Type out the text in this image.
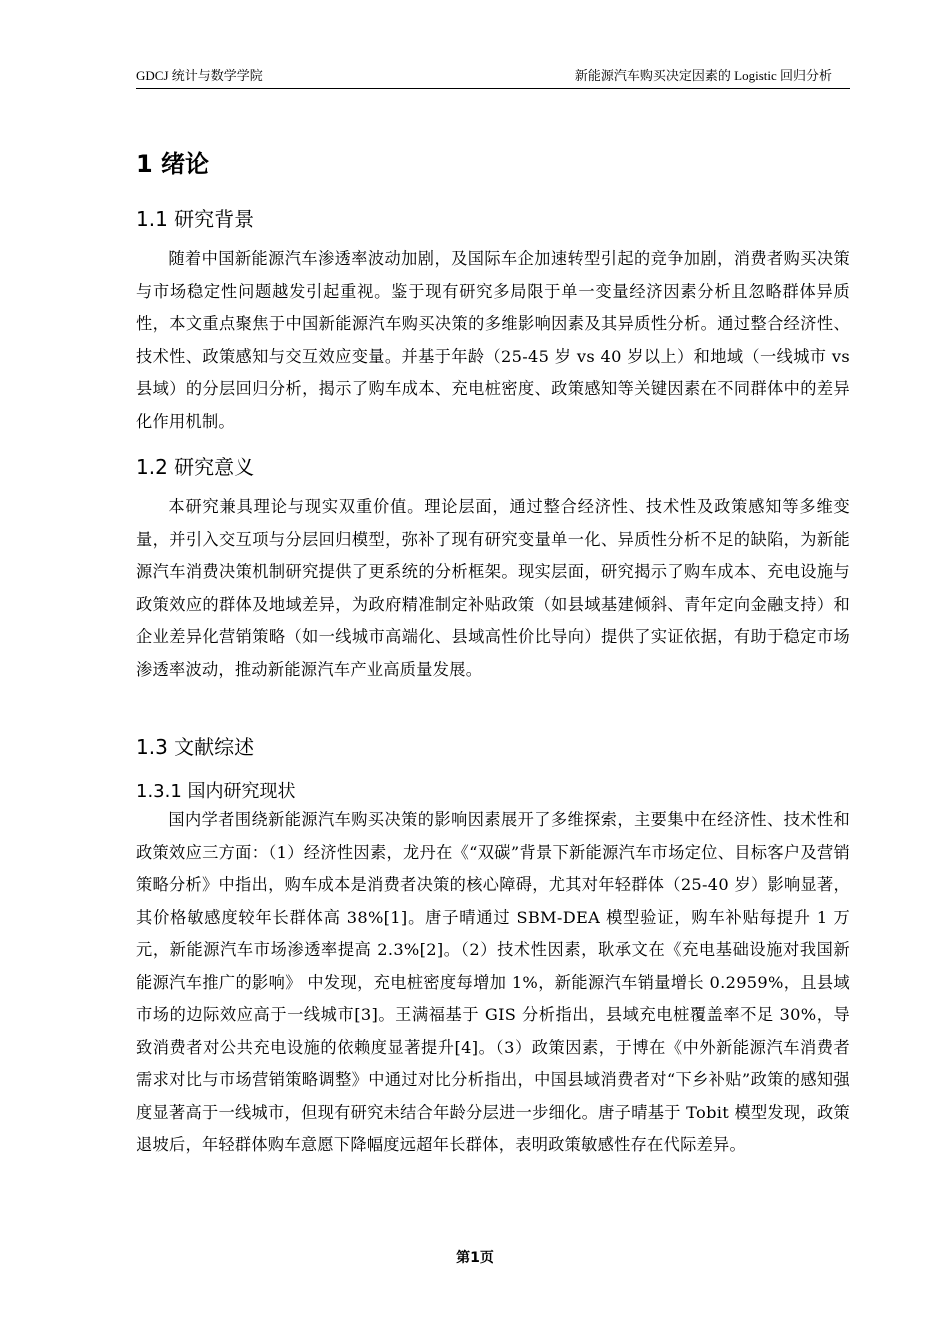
GDCJ 统计与数学学院	新能源汽车购买决定因素的 Logistic 回归分析
1 绪论
1.1 研究背景

随着中国新能源汽车渗透率波动加剧，及国际车企加速转型引起的竞争加剧，消费者购买决策与市场稳定性问题越发引起重视。鉴于现有研究多局限于单一变量经济因素分析且忽略群体异质性，本文重点聚焦于中国新能源汽车购买决策的多维影响因素及其异质性分析。通过整合经济性、技术性、政策感知与交互效应变量。并基于年龄（25-45 岁 vs 40 岁以上）和地域（一线城市 vs 县域）的分层回归分析，揭示了购车成本、充电桩密度、政策感知等关键因素在不同群体中的差异化作用机制。

1.2 研究意义

本研究兼具理论与现实双重价值。理论层面，通过整合经济性、技术性及政策感知等多维变量，并引入交互项与分层回归模型，弥补了现有研究变量单一化、异质性分析不足的缺陷，为新能源汽车消费决策机制研究提供了更系统的分析框架。现实层面，研究揭示了购车成本、充电设施与政策效应的群体及地域差异，为政府精准制定补贴政策（如县域基建倾斜、青年定向金融支持）和企业差异化营销策略（如一线城市高端化、县域高性价比导向）提供了实证依据，有助于稳定市场渗透率波动，推动新能源汽车产业高质量发展。

1.3 文献综述
1.3.1 国内研究现状

国内学者围绕新能源汽车购买决策的影响因素展开了多维探索，主要集中在经济性、技术性和政策效应三方面：（1）经济性因素，龙丹在《“双碳”背景下新能源汽车市场定位、目标客户及营销策略分析》中指出，购车成本是消费者决策的核心障碍，尤其对年轻群体（25-40 岁）影响显著，其价格敏感度较年长群体高 38%[1]。唐子晴通过 SBM-DEA 模型验证，购车补贴每提升 1 万元，新能源汽车市场渗透率提高 2.3%[2]。（2）技术性因素，耿承文在《充电基础设施对我国新能源汽车推广的影响》 中发现，充电桩密度每增加 1%，新能源汽车销量增长 0.2959%，且县域市场的边际效应高于一线城市[3]。王满福基于 GIS 分析指出，县域充电桩覆盖率不足 30%，导致消费者对公共充电设施的依赖度显著提升[4]。（3）政策因素，于博在《中外新能源汽车消费者需求对比与市场营销策略调整》中通过对比分析指出，中国县域消费者对“下乡补贴”政策的感知强度显著高于一线城市，但现有研究未结合年龄分层进一步细化。唐子晴基于 Tobit 模型发现，政策退坡后，年轻群体购车意愿下降幅度远超年长群体，表明政策敏感性存在代际差异。

第1页
